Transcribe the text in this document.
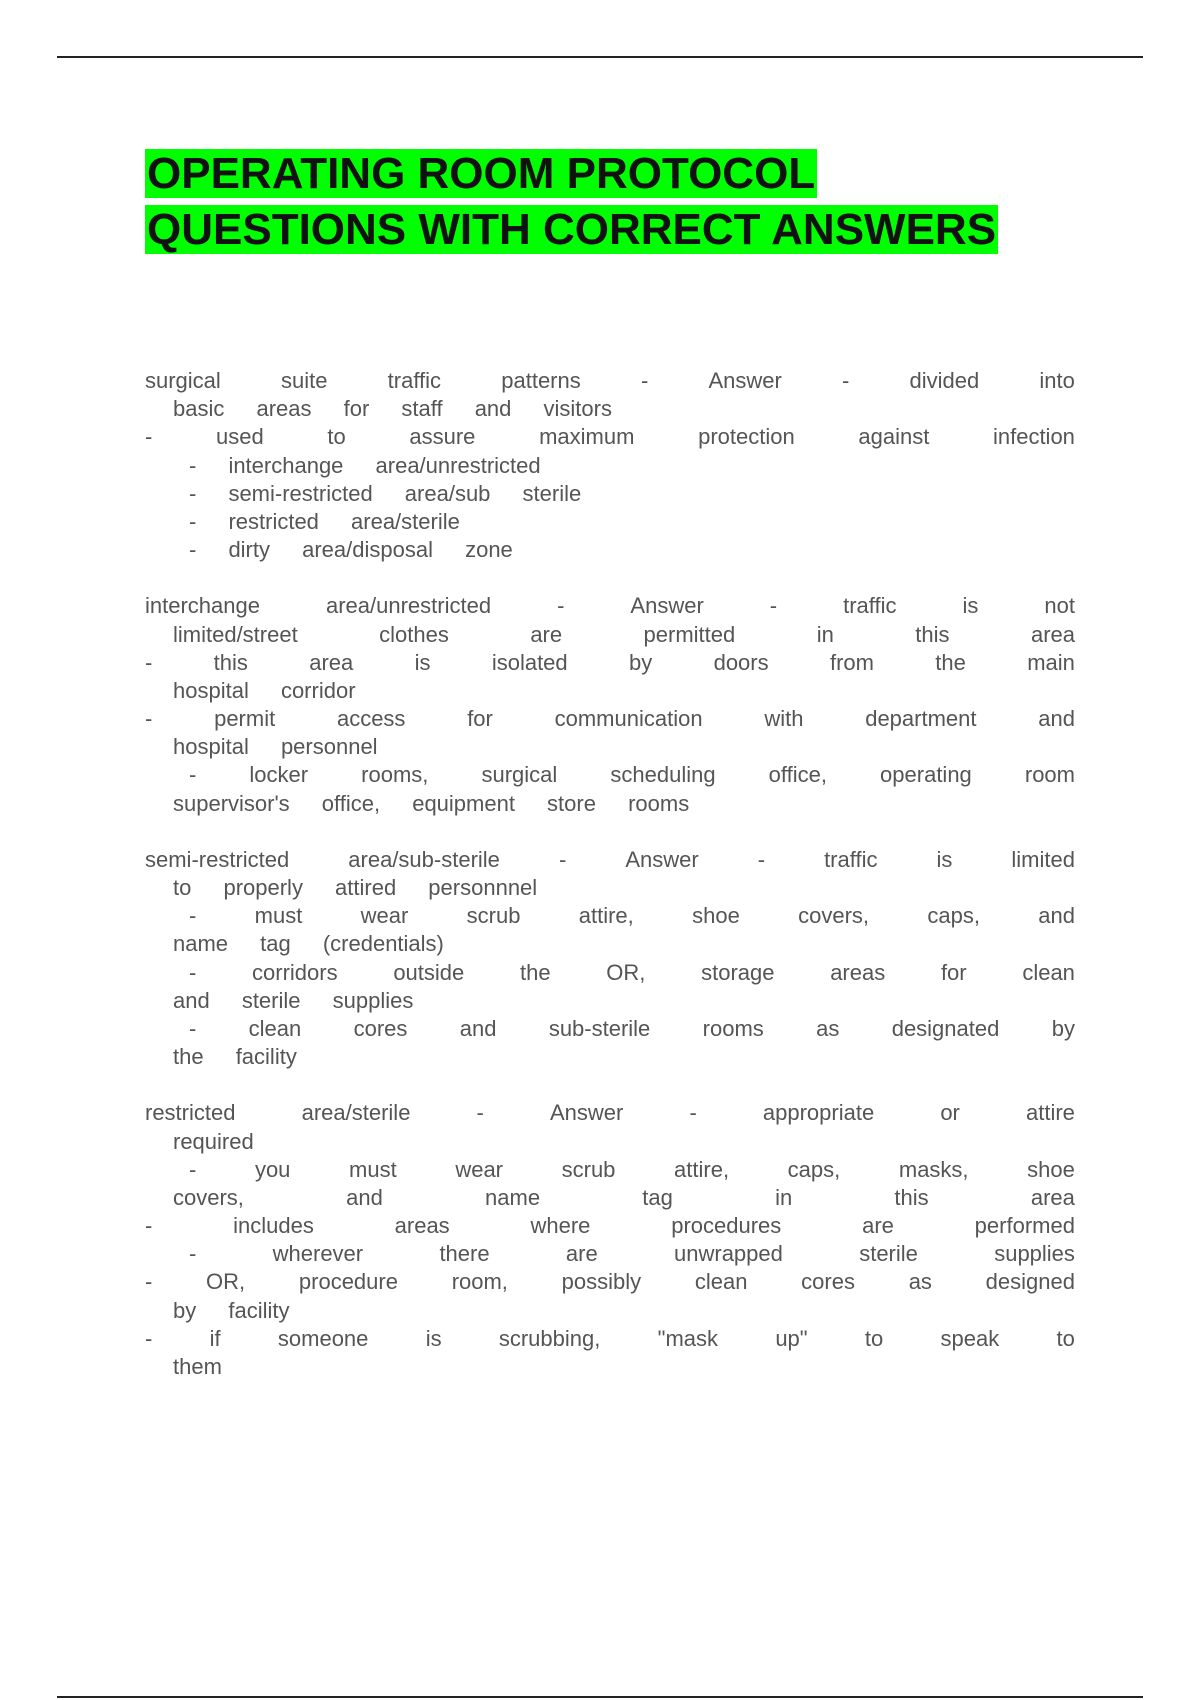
OPERATING ROOM PROTOCOL
QUESTIONS WITH CORRECT ANSWERS
surgical	suite	traffic	patterns	-	Answer	-	divided	into
basic areas for staff and visitors
-	used	to	assure	maximum	protection	against	infection
- interchange area/unrestricted
- semi-restricted area/sub sterile
- restricted area/sterile
- dirty area/disposal zone
interchange	area/unrestricted	-	Answer	-	traffic	is	not
limited/street	clothes	are	permitted	in	this	area
-	this	area	is	isolated	by	doors	from	the	main
hospital corridor
-	permit	access	for	communication	with	department	and
hospital personnel
- locker rooms, surgical scheduling office, operating room
supervisor's office, equipment store rooms
semi-restricted	area/sub-sterile	-	Answer	-	traffic	is	limited
to properly attired personnnel
-	must	wear	scrub	attire,	shoe	covers,	caps,	and
name tag (credentials)
-	corridors	outside	the	OR,	storage	areas	for	clean
and sterile supplies
- clean cores and sub-sterile rooms as designated by
the facility
restricted	area/sterile	-	Answer	-	appropriate	or	attire
required
-	you	must	wear	scrub	attire,	caps,	masks,	shoe
covers,	and	name	tag	in	this	area
-	includes	areas	where	procedures	are	performed
-	wherever	there	are	unwrapped	sterile	supplies
- OR, procedure room, possibly clean cores as designed
by facility
-	if	someone	is	scrubbing,	"mask	up"	to	speak	to
them
